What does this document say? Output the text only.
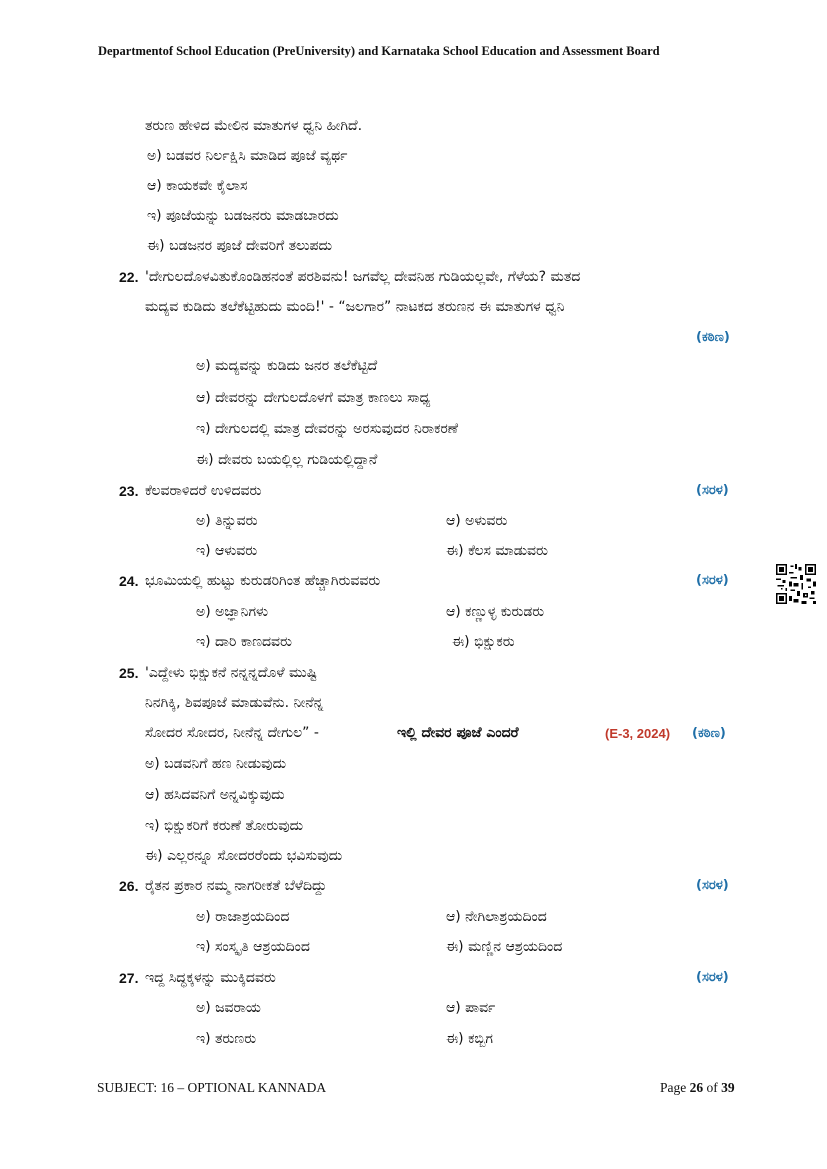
Departmentof School Education (PreUniversity) and Karnataka School Education and Assessment Board
ತರುಣ ಹೇಳಿದ ಮೇಲಿನ ಮಾತುಗಳ ಧ್ವನಿ ಹೀಗಿದೆ.
ಅ) ಬಡವರ ನಿರ್ಲಕ್ಷಿಸಿ ಮಾಡಿದ ಪೂಜೆ ವ್ಯರ್ಥ
ಆ) ಕಾಯಕವೇ ಕೈಲಾಸ
ಇ) ಪೂಜೆಯನ್ನು ಬಡಜನರು ಮಾಡಬಾರದು
ಈ) ಬಡಜನರ ಪೂಜೆ ದೇವರಿಗೆ ತಲುಪದು
22. 'ದೇಗುಲದೊಳವಿತುಕೊಂಡಿಹನಂತೆ ಪರಶಿವನು! ಜಗವೆಲ್ಲ ದೇವನಿಹ ಗುಡಿಯಲ್ಲವೇ, ಗೆಳೆಯ? ಮತದ
ಮದ್ಯವ ಕುಡಿದು ತಲೆಕೆಟ್ಟಿಹುದು ಮಂದಿ!' - “ಜಲಗಾರ” ನಾಟಕದ ತರುಣನ ಈ ಮಾತುಗಳ ಧ್ವನಿ
(ಕಠಿಣ)
ಅ) ಮದ್ಯವನ್ನು ಕುಡಿದು ಜನರ ತಲೆಕೆಟ್ಟಿದೆ
ಆ) ದೇವರನ್ನು ದೇಗುಲದೊಳಗೆ ಮಾತ್ರ ಕಾಣಲು ಸಾಧ್ಯ
ಇ) ದೇಗುಲದಲ್ಲಿ ಮಾತ್ರ ದೇವರನ್ನು ಅರಸುವುದರ ನಿರಾಕರಣೆ
ಈ) ದೇವರು ಬಯಲ್ಲಿಲ್ಲ ಗುಡಿಯಲ್ಲಿದ್ದಾನೆ
23. ಕೆಲವರಾಳಿದರೆ ಉಳಿದವರು	(ಸರಳ)
ಅ) ತಿನ್ನುವರು	ಆ) ಅಳುವರು
ಇ) ಆಳುವರು	ಈ) ಕೆಲಸ ಮಾಡುವರು
24. ಭೂಮಿಯಲ್ಲಿ ಹುಟ್ಟು ಕುರುಡರಿಗಿಂತ ಹೆಚ್ಚಾಗಿರುವವರು	(ಸರಳ)
ಅ) ಅಜ್ಞಾನಿಗಳು	ಆ) ಕಣ್ಣುಳ್ಳ ಕುರುಡರು
ಇ) ದಾರಿ ಕಾಣದವರು	ಈ) ಭಿಕ್ಷುಕರು
25. 'ಎದ್ದೇಳು ಭಿಕ್ಷುಕನೆ ನನ್ನನ್ನದೊಳೆ ಮುಷ್ಟಿ
ನಿನಗಿಕ್ಕಿ, ಶಿವಪೂಜೆ ಮಾಡುವೆನು. ನೀನೆನ್ನ
ಸೋದರ ಸೋದರ, ನೀನೆನ್ನ ದೇಗುಲ” -	ಇಲ್ಲಿ ದೇವರ ಪೂಜೆ ಎಂದರೆ	(E-3, 2024) (ಕಠಿಣ)
ಅ) ಬಡವನಿಗೆ ಹಣ ನೀಡುವುದು
ಆ) ಹಸಿದವನಿಗೆ ಅನ್ನವಿಕ್ಕುವುದು
ಇ) ಭಿಕ್ಷುಕರಿಗೆ ಕರುಣೆ ತೋರುವುದು
ಈ) ಎಲ್ಲರನ್ನೂ ಸೋದರರೆಂದು ಭವಿಸುವುದು
26. ರೈತನ ಪ್ರಕಾರ ನಮ್ಮ ನಾಗರೀಕತೆ ಬೆಳೆದಿದ್ದು	(ಸರಳ)
ಅ) ರಾಜಾಶ್ರಯದಿಂದ	ಆ) ನೇಗಿಲಾಶ್ರಯದಿಂದ
ಇ) ಸಂಸ್ಕೃತಿ ಆಶ್ರಯದಿಂದ	ಈ) ಮಣ್ಣಿನ ಆಶ್ರಯದಿಂದ
27. ಇದ್ದ ಸಿದ್ಧಕ್ಕಳನ್ನು ಮುಕ್ಕಿದವರು	(ಸರಳ)
ಅ) ಜವರಾಯ	ಆ) ಪಾರ್ವ
ಇ) ತರುಣರು	ಈ) ಕಬ್ಬಿಗ
SUBJECT: 16 – OPTIONAL KANNADA	Page 26 of 39
